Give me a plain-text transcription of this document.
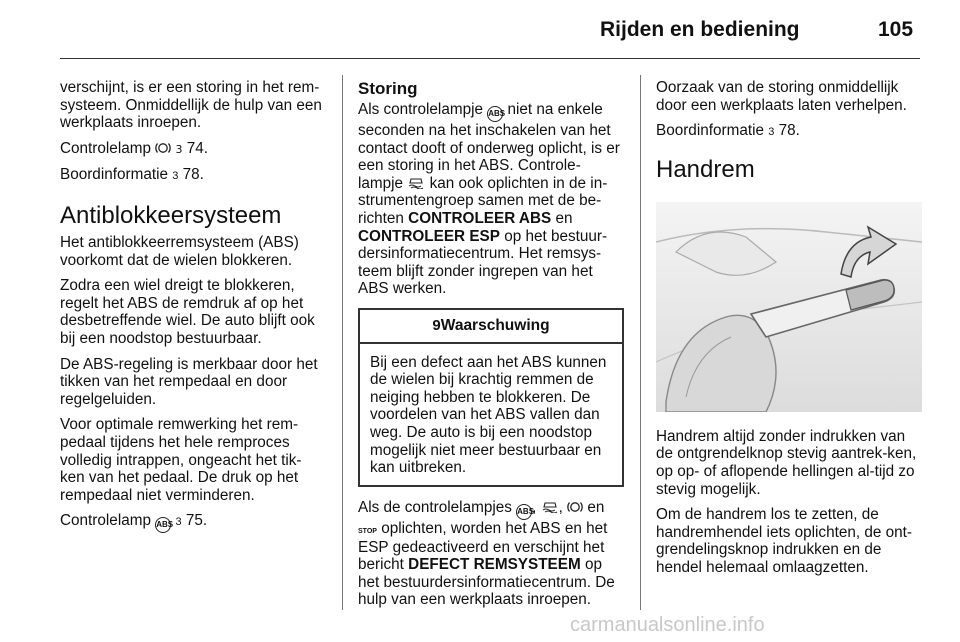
Rijden en bediening	105

verschijnt, is er een storing in het rem-systeem. Onmiddellijk de hulp van een werkplaats inroepen.

Controlelamp 3 74.

Boordinformatie 3 78.

Antiblokkeersysteem

Het antiblokkeerremsysteem (ABS) voorkomt dat de wielen blokkeren.

Zodra een wiel dreigt te blokkeren, regelt het ABS de remdruk af op het desbetreffende wiel. De auto blijft ook bij een noodstop bestuurbaar.

De ABS-regeling is merkbaar door het tikken van het rempedaal en door regelgeluiden.

Voor optimale remwerking het rem-pedaal tijdens het hele remproces volledig intrappen, ongeacht het tik-ken van het pedaal. De druk op het rempedaal niet verminderen.

Controlelamp ABS 3 75.

Storing

Als controlelampje ABS niet na enkele seconden na het inschakelen van het contact dooft of onderweg oplicht, is er een storing in het ABS. Controle-lampje kan ook oplichten in de in-strumentengroep samen met de be-richten CONTROLEER ABS en CONTROLEER ESP op het bestuur-dersinformatiecentrum. Het remsys-teem blijft zonder ingrepen van het ABS werken.

9Waarschuwing
Bij een defect aan het ABS kunnen de wielen bij krachtig remmen de neiging hebben te blokkeren. De voordelen van het ABS vallen dan weg. De auto is bij een noodstop mogelijk niet meer bestuurbaar en kan uitbreken.

Als de controlelampjes ABS, ,  en
STOP oplichten, worden het ABS en het ESP gedeactiveerd en verschijnt het bericht DEFECT REMSYSTEEM op het bestuurdersinformatiecentrum. De hulp van een werkplaats inroepen.

Oorzaak van de storing onmiddellijk door een werkplaats laten verhelpen.

Boordinformatie 3 78.

Handrem

Handrem altijd zonder indrukken van de ontgrendelknop stevig aantrek-ken, op op- of aflopende hellingen al-tijd zo stevig mogelijk.

Om de handrem los te zetten, de handremhendel iets oplichten, de ont-grendelingsknop indrukken en de hendel helemaal omlaagzetten.

carmanualsonline.info
